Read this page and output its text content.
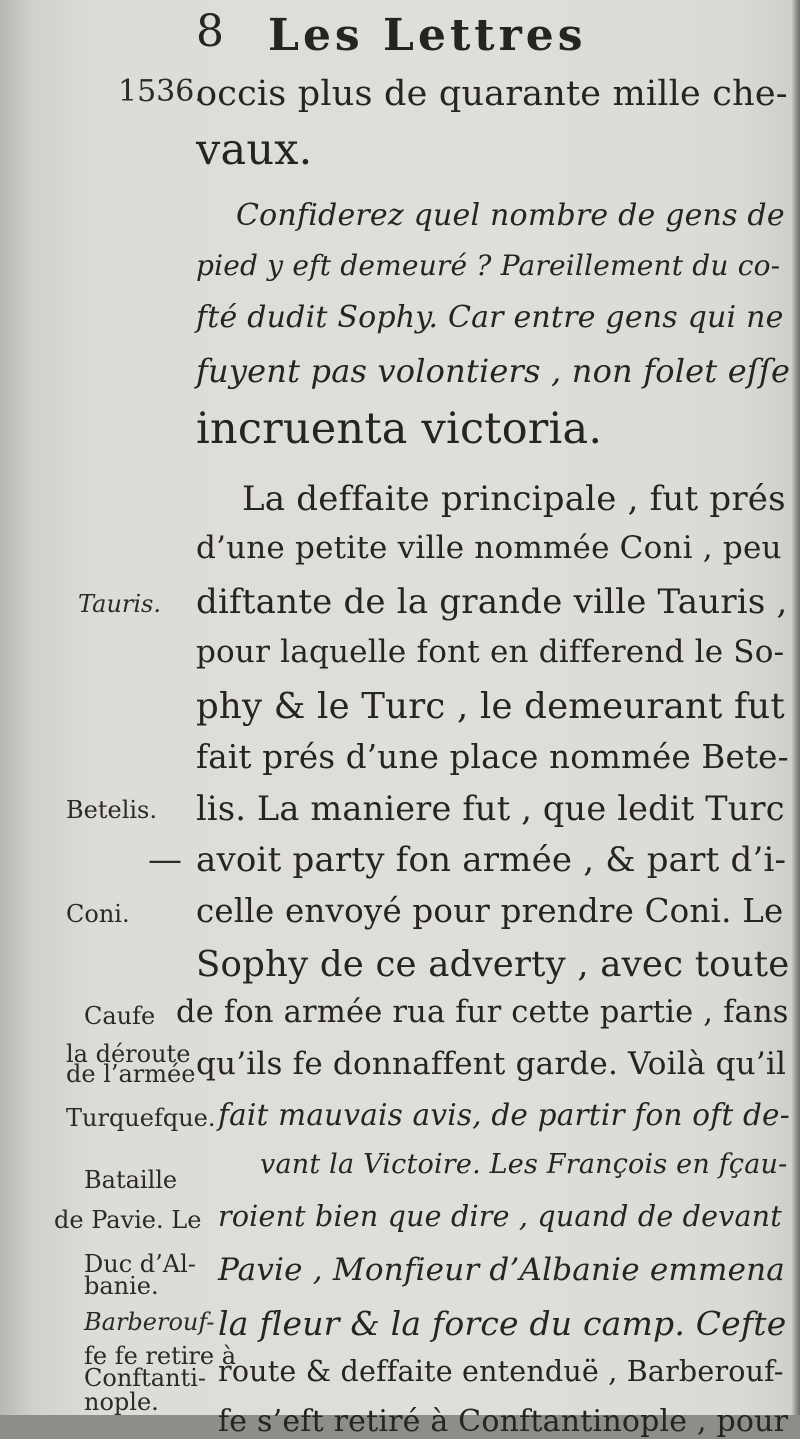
8 Les Lettres
occis plus de quarante mille che-
vaux.
Confiderez quel nombre de gens de
pied y eft demeuré ? Pareillement du co-
fté dudit Sophy. Car entre gens qui ne
fuyent pas volontiers , non folet eſſe
incruenta victoria.
La deffaite principale , fut prés
d’une petite ville nommée Coni , peu
diftante de la grande ville Tauris ,
pour laquelle font en differend le So-
phy & le Turc , le demeurant fut
fait prés d’une place nommée Bete-
lis. La maniere fut , que ledit Turc
avoit party fon armée , & part d’i-
celle envoyé pour prendre Coni. Le
Sophy de ce adverty , avec toute
de fon armée rua fur cette partie , fans
qu’ils fe donnaffent garde. Voilà qu’il
fait mauvais avis, de partir fon oft de-
vant la Victoire. Les François en fçau-
roient bien que dire , quand de devant
Pavie , Monfieur d’Albanie emmena
la fleur & la force du camp. Cefte
route & deffaite entenduë , Barberouf-
fe s’eft retiré à Conftantinople , pour
1536.
Tauris.
Betelis.
—
Coni.
Caufe
la déroute
de l’armée
Turquefque.
Bataille
de Pavie. Le
Duc d’Al-
banie.
Barberouf-
fe fe retire à
Conftanti-
nople.
